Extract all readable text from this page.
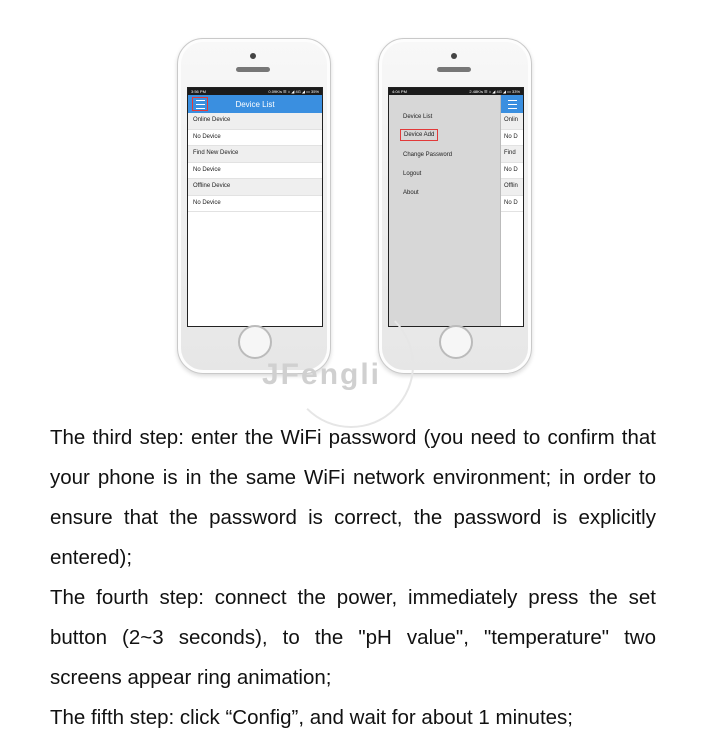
3:56 PM	0.09K/s ☰ ⌂ ◢ 4G ◢ ▭ 35%
Device List
Online Device
No Device
Find New Device
No Device
Offline Device
No Device
4:04 PM	2.48K/s ☰ ⌂ ◢ 4G ◢ ▭ 33%
Onlin
No D
Find
No D
Offlin
No D
Device List
Device Add
Change Password
Logout
About
JFengli

The third step: enter the WiFi password (you need to confirm that your phone is in the same WiFi network environment; in order to ensure that the password is correct, the password is explicitly entered);

The fourth step: connect the power, immediately press the set button (2~3 seconds), to the "pH value", "temperature" two screens appear ring animation;

The fifth step: click “Config”, and wait for about 1 minutes;
